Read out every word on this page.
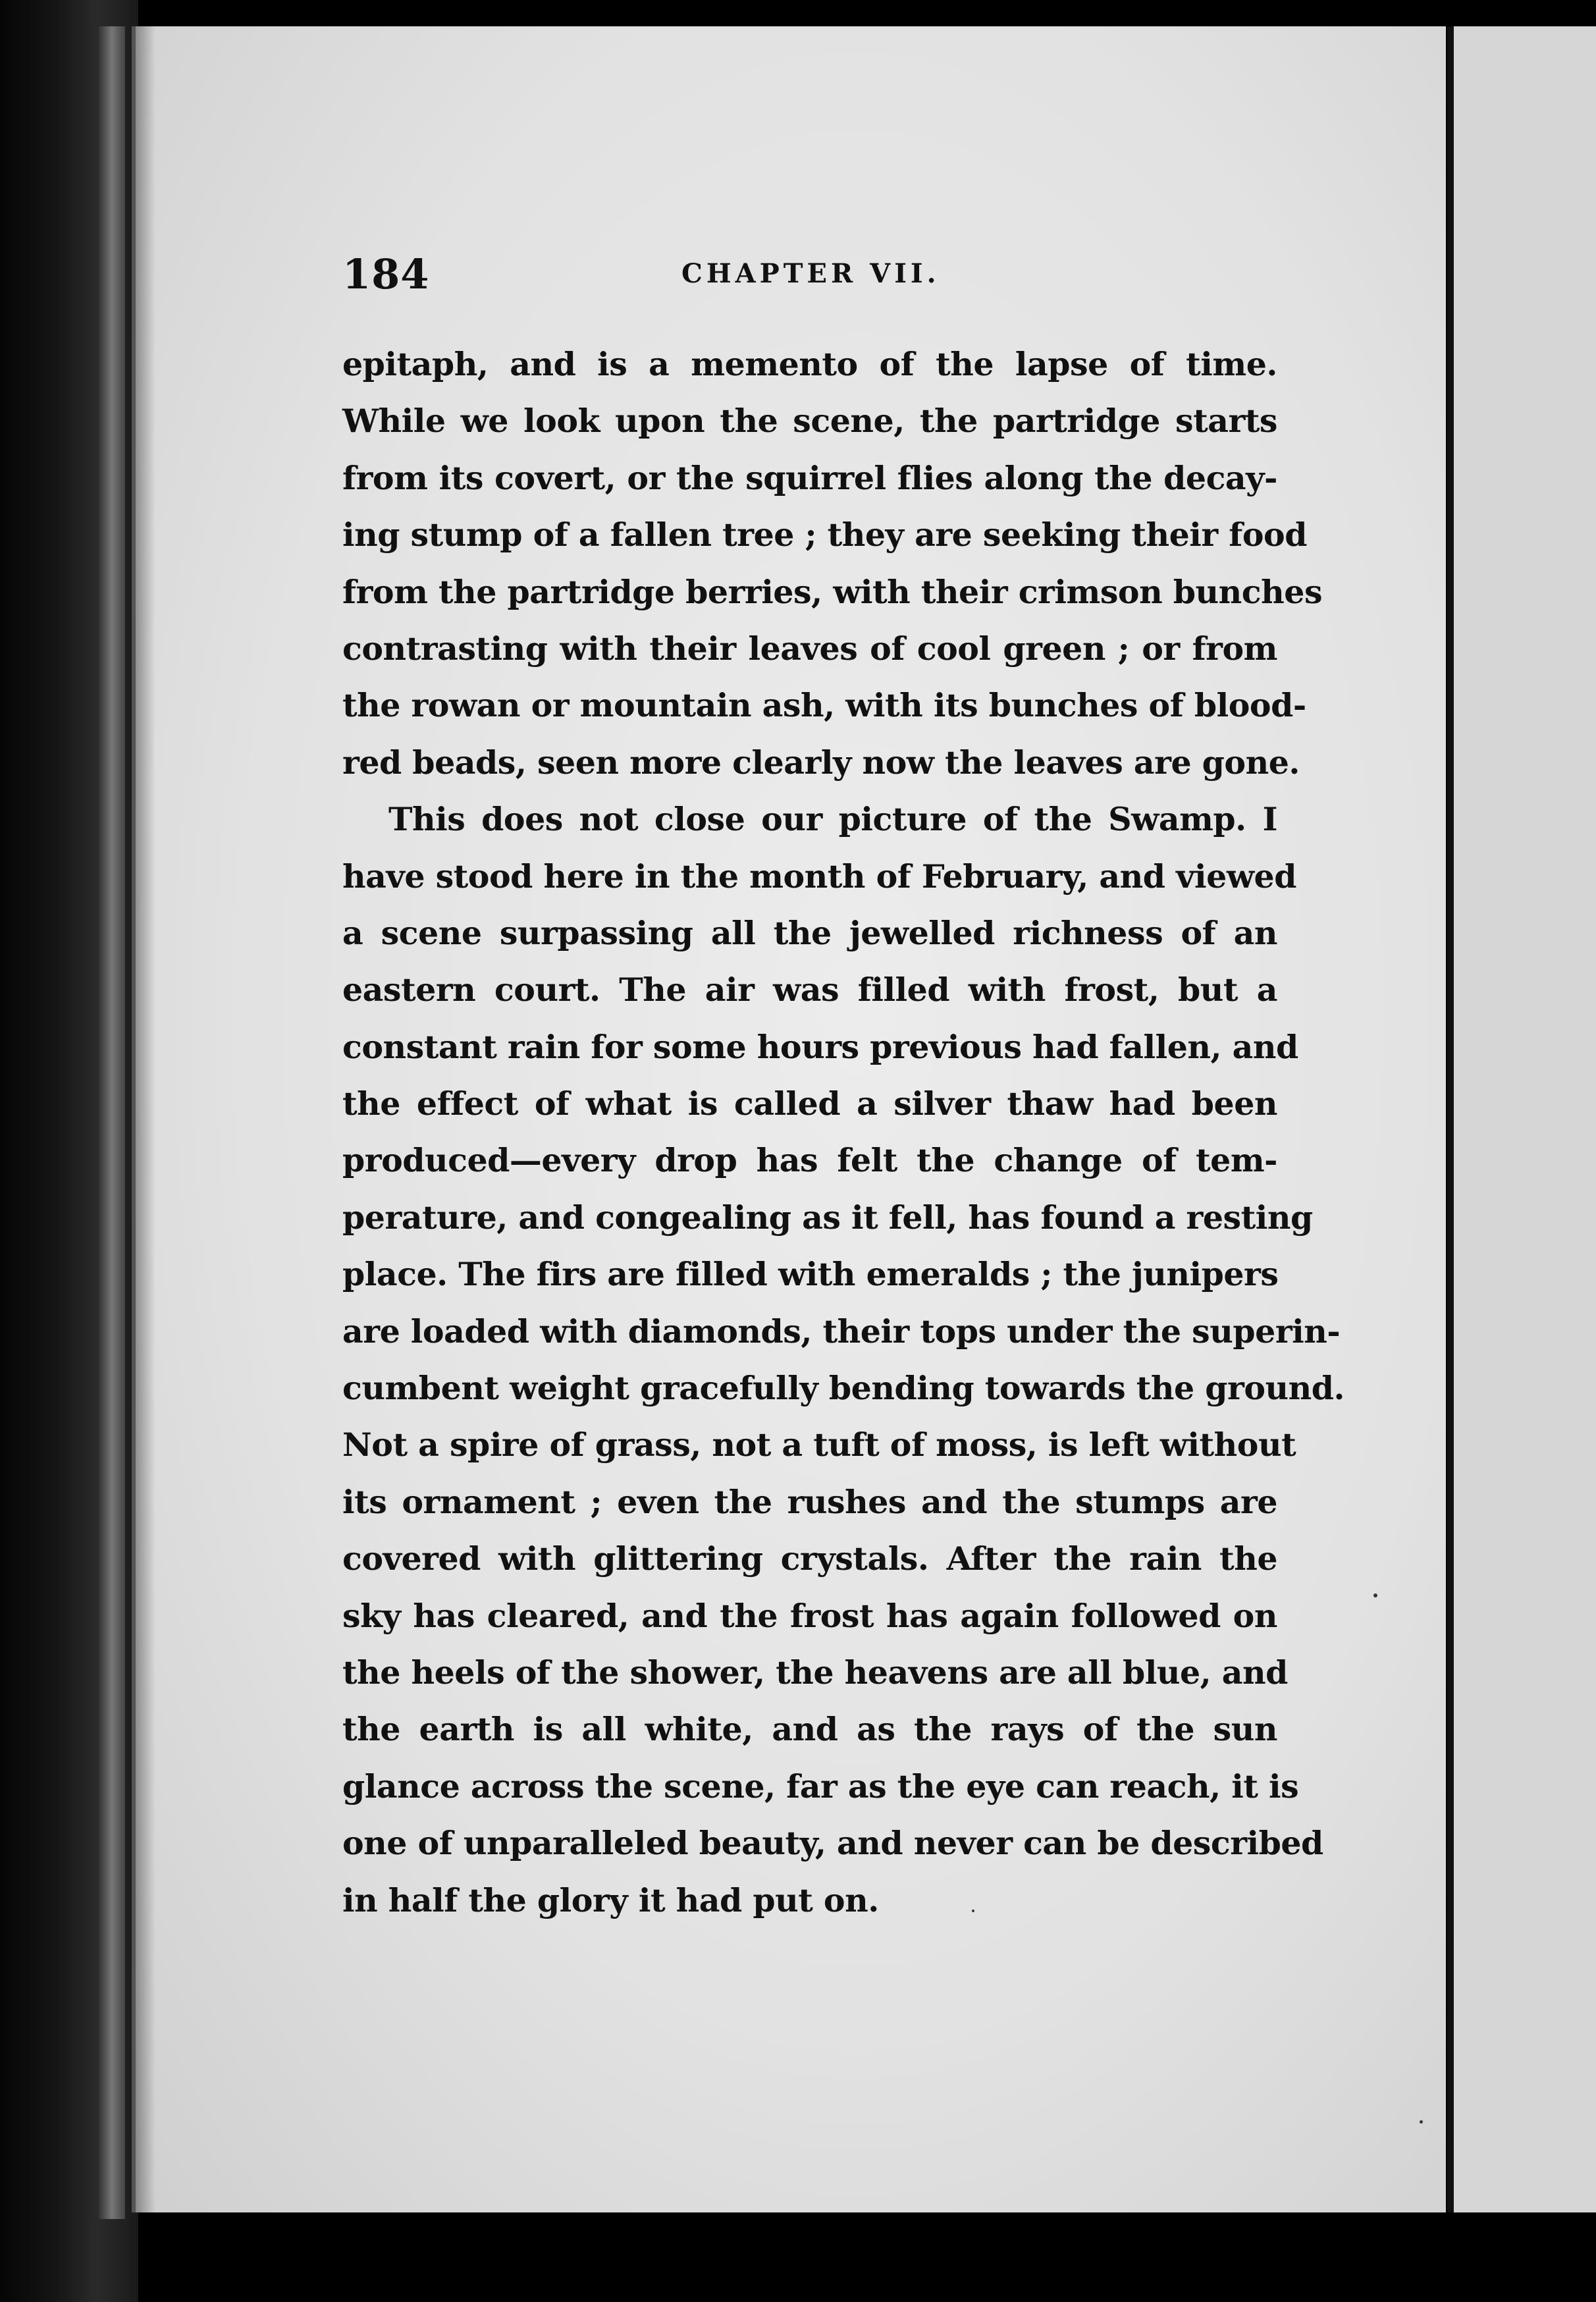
184	CHAPTER VII.
epitaph, and is a memento of the lapse of time.
While we look upon the scene, the partridge starts
from its covert, or the squirrel flies along the decay-
ing stump of a fallen tree ; they are seeking their food
from the partridge berries, with their crimson bunches
contrasting with their leaves of cool green ; or from
the rowan or mountain ash, with its bunches of blood-
red beads, seen more clearly now the leaves are gone.
This does not close our picture of the Swamp. I
have stood here in the month of February, and viewed
a scene surpassing all the jewelled richness of an
eastern court. The air was filled with frost, but a
constant rain for some hours previous had fallen, and
the effect of what is called a silver thaw had been
produced—every drop has felt the change of tem-
perature, and congealing as it fell, has found a resting
place. The firs are filled with emeralds ; the junipers
are loaded with diamonds, their tops under the superin-
cumbent weight gracefully bending towards the ground.
Not a spire of grass, not a tuft of moss, is left without
its ornament ; even the rushes and the stumps are
covered with glittering crystals. After the rain the
sky has cleared, and the frost has again followed on
the heels of the shower, the heavens are all blue, and
the earth is all white, and as the rays of the sun
glance across the scene, far as the eye can reach, it is
one of unparalleled beauty, and never can be described
in half the glory it had put on.
